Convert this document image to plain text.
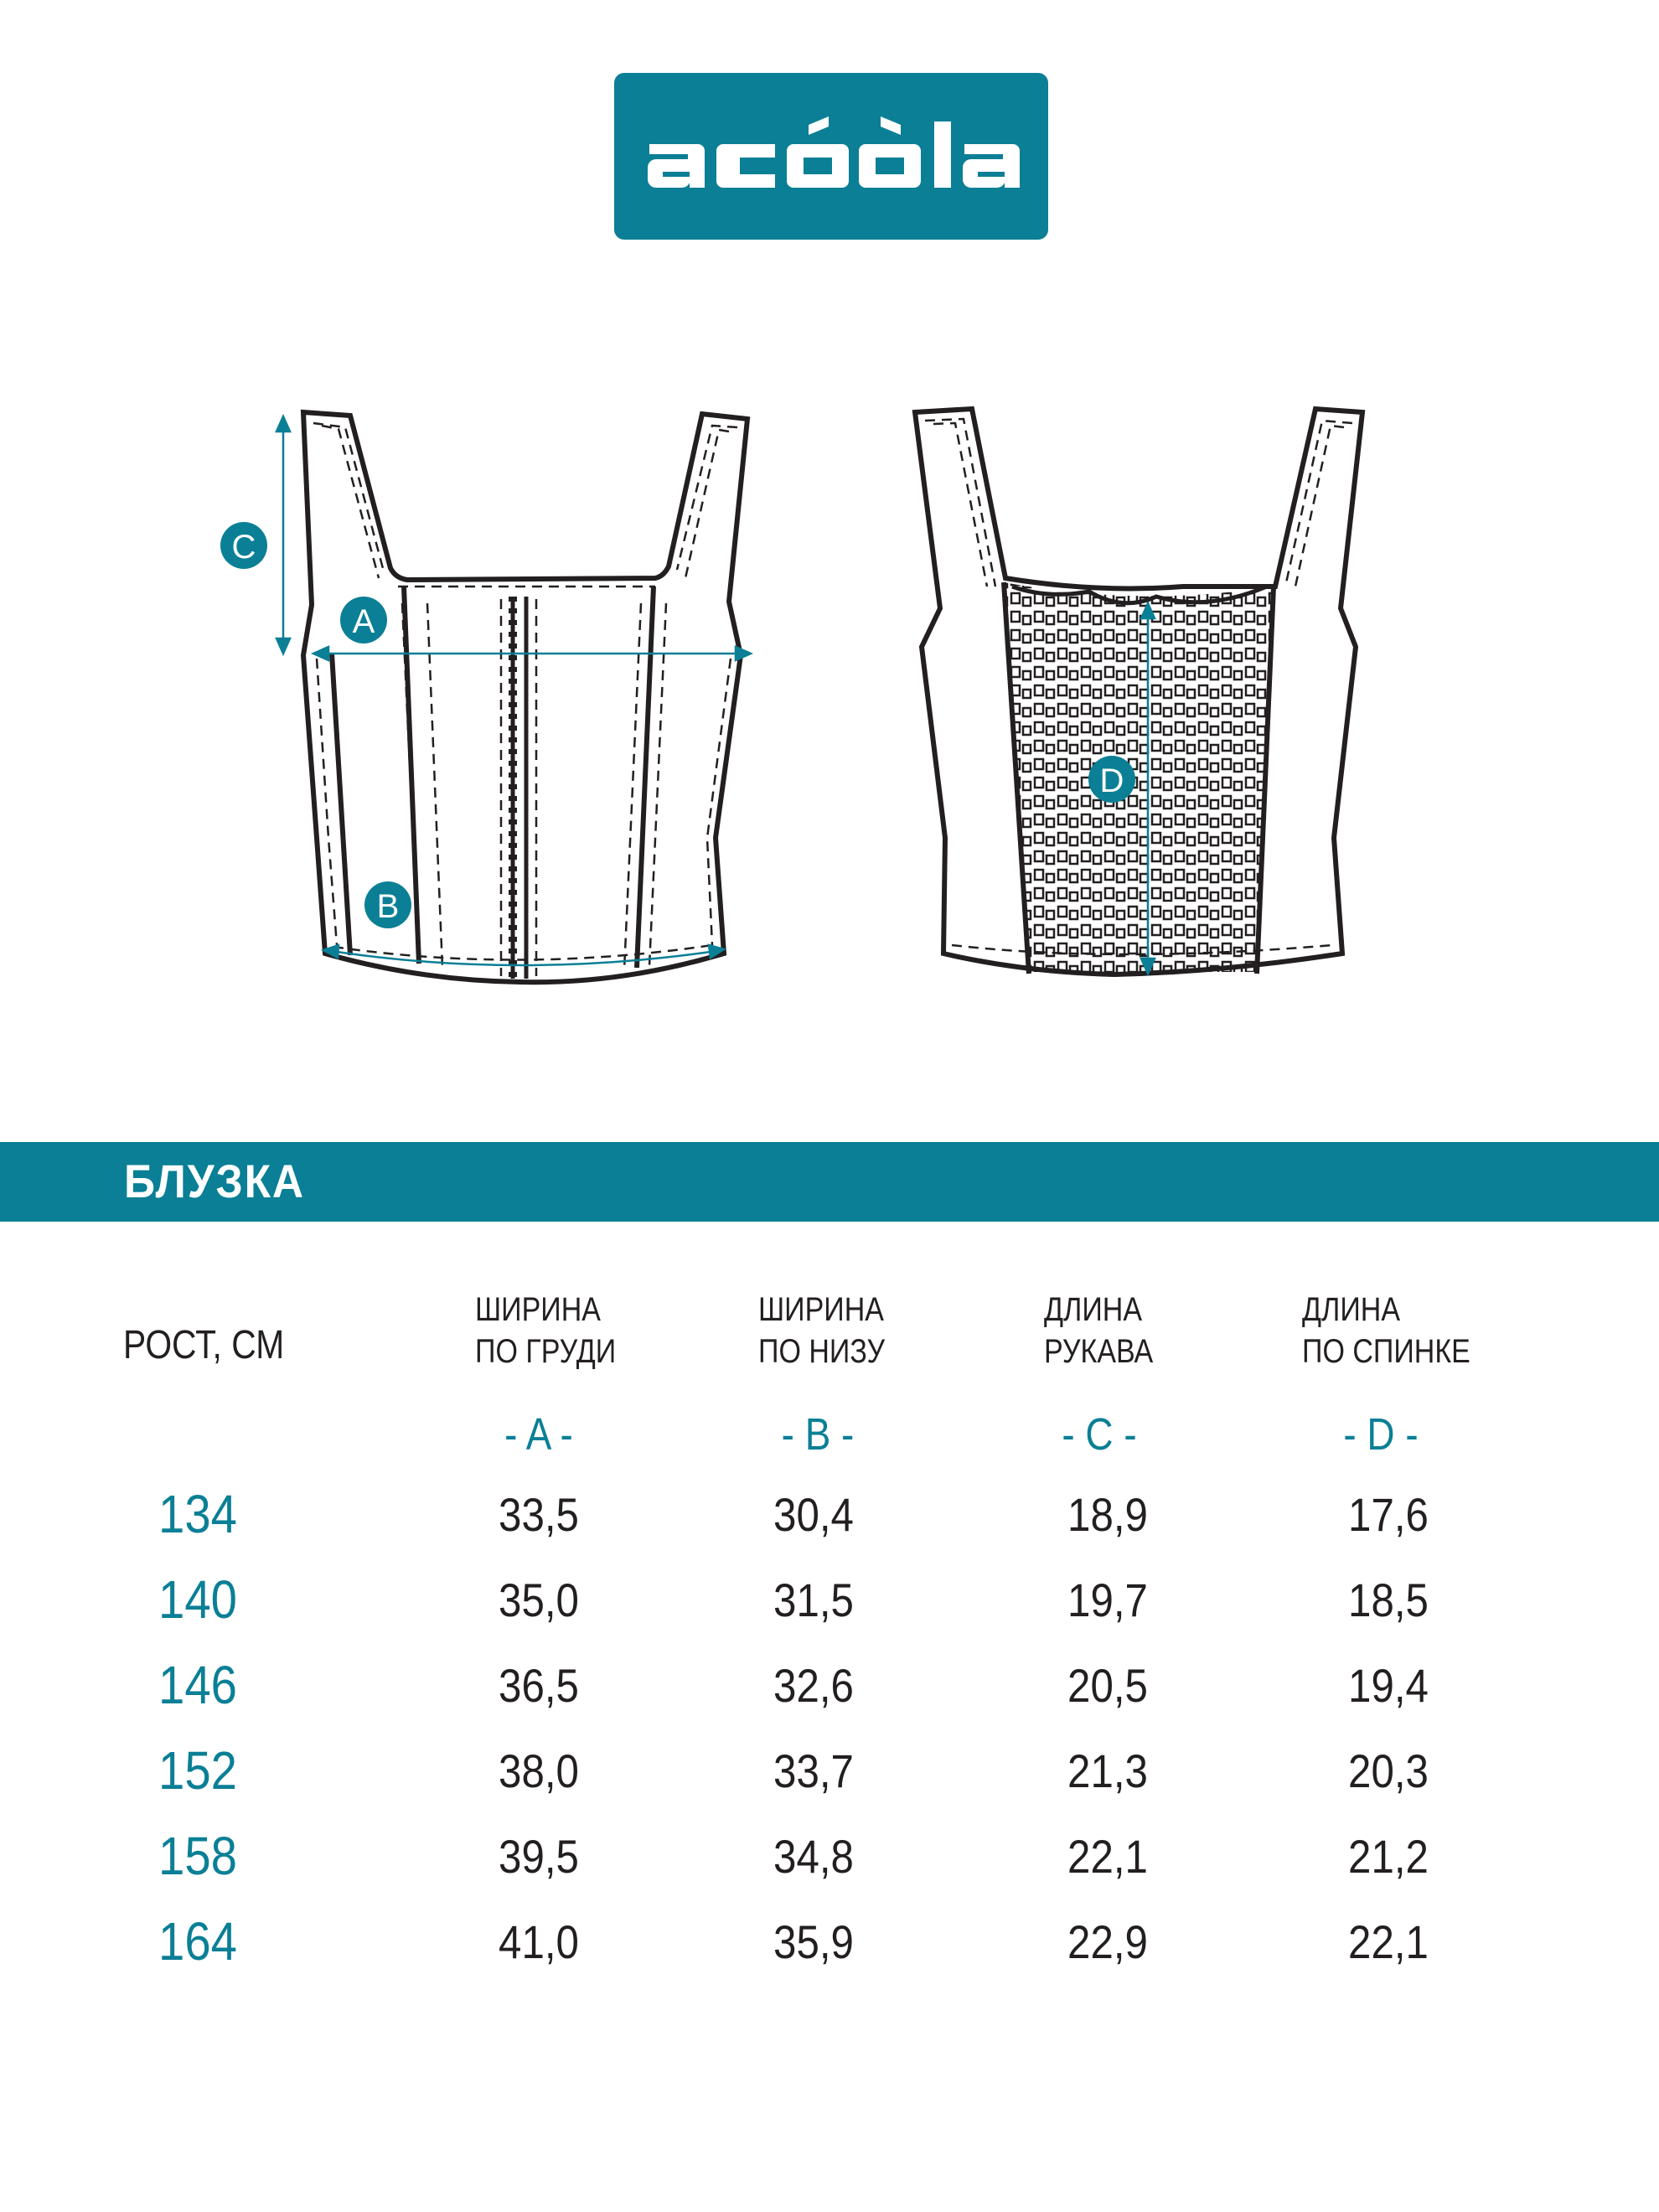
C
A
B
D
БЛУЗКА
РОСТ, СМ
ШИРИНА
ПО ГРУДИ
- A -
ШИРИНА
ПО НИЗУ
- B -
ДЛИНА
РУКАВА
- C -
ДЛИНА
ПО СПИНКЕ
- D -
134	33,5	30,4	18,9	17,6
140	35,0	31,5	19,7	18,5
146	36,5	32,6	20,5	19,4
152	38,0	33,7	21,3	20,3
158	39,5	34,8	22,1	21,2
164	41,0	35,9	22,9	22,1
